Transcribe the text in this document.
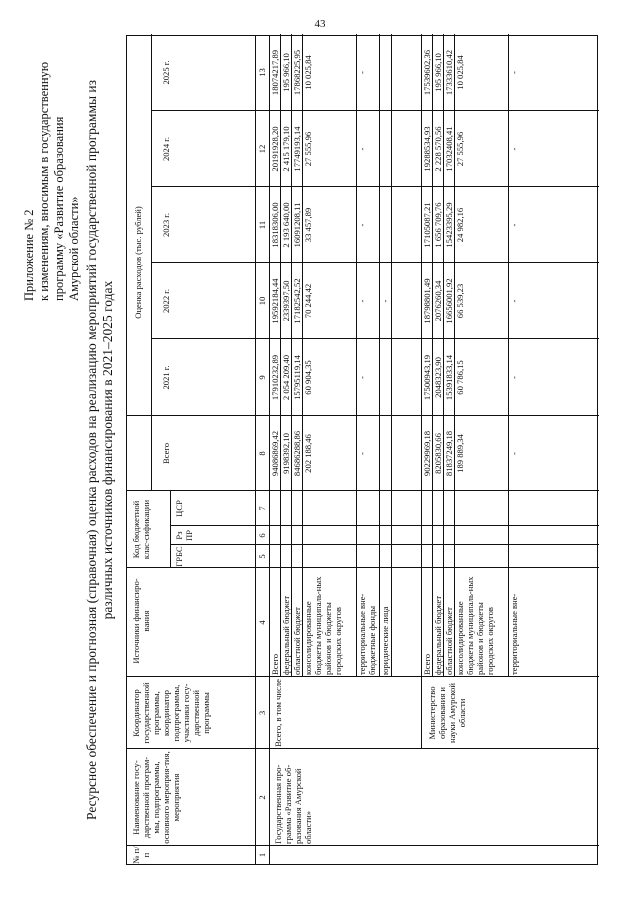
43
Приложение № 2 к изменениям, вносимым в государственную программу «Развитие образования Амурской области» Ресурсное обеспечение и прогнозная (справочная) оценка расходов на реализацию мероприятий государственной программы из различных источников финансирования в 2021–2025 годах
№ п/п
Наименование госу-дарственной програм-мы, подпрограммы, основного мероприя-тия, мероприятия
Координатор государственной программы, координатор подпрограммы, участники госу-дарственной программы
Источники финансиро-вания
Код бюджетной клас-сификации	ГРБС
Рз ПР
ЦСР
Оценка расходов (тыс. рублей)
Всего
2021 г.
2022 г.
2023 г.
2024 г.
2025 г.
1
2
3
4
5
6
7
8
9
10
11
12
13
Государственная про-грамма «Развитие об-разования Амурской области»
Всего, в том числе	Министерство образования и науки Амурской области
Всего
94086869,42
17910232,89
19592184,44
18318306,00
20191928,20
18074217,89
федеральный бюджет
9198392,10
2 054 209,40
2339397,50
2 193 640,00
2 415 179,10
195 966,10
областной бюджет
84686288,86
15795119,14
17182542,52
16091208,11
17749193,14
17868225,95
консолидированные бюджеты муниципаль-ных районов и бюджеты городских округов
202 188,46
60 904,35
70 244,42
33 457,89
27 555,96
10 025,84
территориальные вне-бюджетные фонды
-
-
-
-
-
-
юридические лица
-
Всего
90229969,18
17500943,19
18798801,49
17105087,21
19288534,93
17539602,36
федеральный бюджет
8205830,66
2048323,90
2076260,34
1 656 709,76
2 228 570,56
195 966,10
областной бюджет
81837249,18
15391833,14
16656001,92
15423395,29
17032408,41
17333610,42
консолидированные бюджеты муниципаль-ных районов и бюджеты городских округов
189 889,34
60 786,15
66 539,23
24 982,16
27 555,96
10 025,84
территориальные вне-
-
-
-
-
-
-
